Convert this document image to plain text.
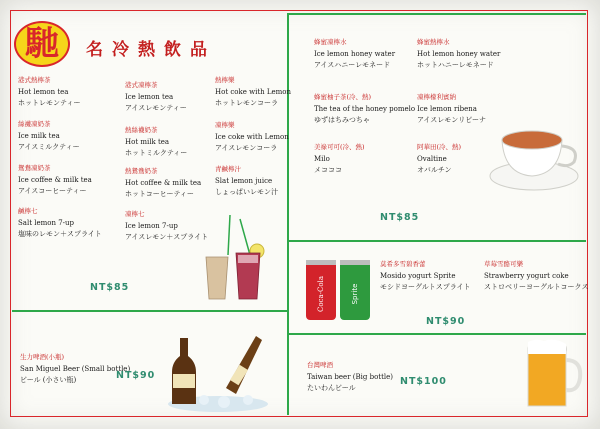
馳	名冷熱飲品
港式熱檸茶
Hot lemon tea
ホットレモンティー
絲襪凍奶茶
Ice milk tea
アイスミルクティー
鴛鴦凍奶茶
Ice coffee & milk tea
アイスコーヒーティー
鹹檸七
Salt lemon 7-up
塩味のレモン＋スプライト
港式凍檸茶
Ice lemon tea
アイスレモンティー
熱絲襪奶茶
Hot milk tea
ホットミルクティー
熱鴛鴦奶茶
Hot coffee & milk tea
ホットコーヒーティー
凍檸七
Ice lemon 7-up
アイスレモン＋スプライト
熱檸樂
Hot coke with Lemon
ホットレモンコーラ
凍檸樂
Ice coke with Lemon
アイスレモンコーラ
青鹹檸汁
Slat lemon juice
しょっぱいレモン汁
NT$85
蜂蜜凍檸水
Ice lemon honey water
アイスハニーレモネード
蜂蜜柚子茶(冷、熱)
The tea of the honey pomelo
ゆずはちみつちゃ
美祿可可(冷、熱)
Milo
メコココ
蜂蜜熱檸水
Hot lemon honey water
ホットハニーレモネード
凍檸檬利賓納
Ice lemon ribena
アイスレモンリビーナ
阿華田(冷、熱)
Ovaltine
オバルチン
NT$85
莫希多雪碧香蕾
Mosido yogurt Sprite
モシドヨーグルトスプライト
草莓雪酪可樂
Strawberry yogurt coke
ストロベリーヨーグルトコークス
NT$90
生力啤酒(小瓶)
San Miguel Beer (Small bottle)
ビール (小さい瓶)	NT$90
台灣啤酒
Taiwan beer (Big bottle)
たいわんビール
NT$100
Coca-Cola	Sprite
